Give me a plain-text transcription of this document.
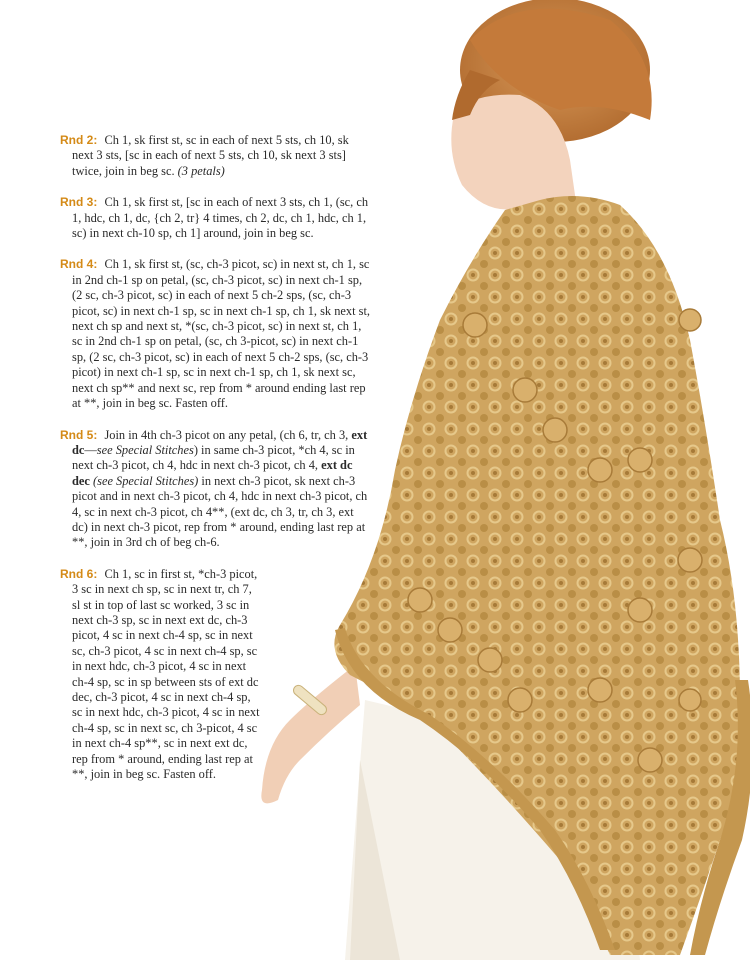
Rnd 2: Ch 1, sk first st, sc in each of next 5 sts, ch 10, sk next 3 sts, [sc in each of next 5 sts, ch 10, sk next 3 sts] twice, join in beg sc. (3 petals)
Rnd 3: Ch 1, sk first st, [sc in each of next 3 sts, ch 1, (sc, ch 1, hdc, ch 1, dc, {ch 2, tr} 4 times, ch 2, dc, ch 1, hdc, ch 1, sc) in next ch-10 sp, ch 1] around, join in beg sc.

Rnd 4: Ch 1, sk first st, (sc, ch-3 picot, sc) in next st, ch 1, sc in 2nd ch-1 sp on petal, (sc, ch-3 picot, sc) in next ch-1 sp, (2 sc, ch-3 picot, sc) in each of next 5 ch-2 sps, (sc, ch-3 picot, sc) in next ch-1 sp, sc in next ch-1 sp, ch 1, sk next st, next ch sp and next st, *(sc, ch-3 picot, sc) in next st, ch 1, sc in 2nd ch-1 sp on petal, (sc, ch 3-picot, sc) in next ch-1 sp, (2 sc, ch-3 picot, sc) in each of next 5 ch-2 sps, (sc, ch-3 picot) in next ch-1 sp, sc in next ch-1 sp, ch 1, sk next sc, next ch sp** and next sc, rep from * around ending last rep at **, join in beg sc. Fasten off.

Rnd 5: Join in 4th ch-3 picot on any petal, (ch 6, tr, ch 3, ext dc—see Special Stitches) in same ch-3 picot, *ch 4, sc in next ch-3 picot, ch 4, hdc in next ch-3 picot, ch 4, ext dc dec (see Special Stitches) in next ch-3 picot, sk next ch-3 picot and in next ch-3 picot, ch 4, hdc in next ch-3 picot, ch 4, sc in next ch-3 picot, ch 4**, (ext dc, ch 3, tr, ch 3, ext dc) in next ch-3 picot, rep from * around, ending last rep at **, join in 3rd ch of beg ch-6.
Rnd 6: Ch 1, sc in first st, *ch-3 picot, 3 sc in next ch sp, sc in next tr, ch 7, sl st in top of last sc worked, 3 sc in next ch-3 sp, sc in next ext dc, ch-3 picot, 4 sc in next ch-4 sp, sc in next sc, ch-3 picot, 4 sc in next ch-4 sp, sc in next hdc, ch-3 picot, 4 sc in next ch-4 sp, sc in sp between sts of ext dc dec, ch-3 picot, 4 sc in next ch-4 sp, sc in next hdc, ch-3 picot, 4 sc in next ch-4 sp, sc in next sc, ch 3-picot, 4 sc in next ch-4 sp**, sc in next ext dc, rep from * around, ending last rep at **, join in beg sc. Fasten off.
